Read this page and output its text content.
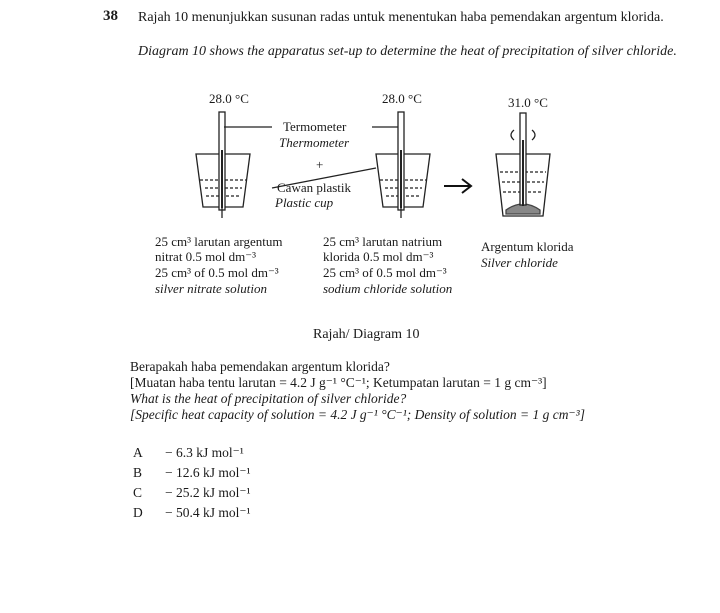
38 Rajah 10 menunjukkan susunan radas untuk menentukan haba pemendakan argentum klorida.
Diagram 10 shows the apparatus set-up to determine the heat of precipitation of silver chloride.
28.0 °C	28.0 °C	31.0 °C
Termometer
Thermometer
+
Cawan plastik
Plastic cup
25 cm³ larutan argentum
nitrat 0.5 mol dm⁻³
25 cm³ of 0.5 mol dm⁻³
silver nitrate solution
25 cm³ larutan natrium
klorida 0.5 mol dm⁻³
25 cm³ of 0.5 mol dm⁻³
sodium chloride solution
Argentum klorida
Silver chloride
Rajah/ Diagram 10
Berapakah haba pemendakan argentum klorida?
[Muatan haba tentu larutan = 4.2 J g⁻¹ °C⁻¹; Ketumpatan larutan = 1 g cm⁻³]
What is the heat of precipitation of silver chloride?
[Specific heat capacity of solution = 4.2 J g⁻¹ °C⁻¹; Density of solution = 1 g cm⁻³]
A − 6.3 kJ mol⁻¹
B − 12.6 kJ mol⁻¹
C − 25.2 kJ mol⁻¹
D − 50.4 kJ mol⁻¹
